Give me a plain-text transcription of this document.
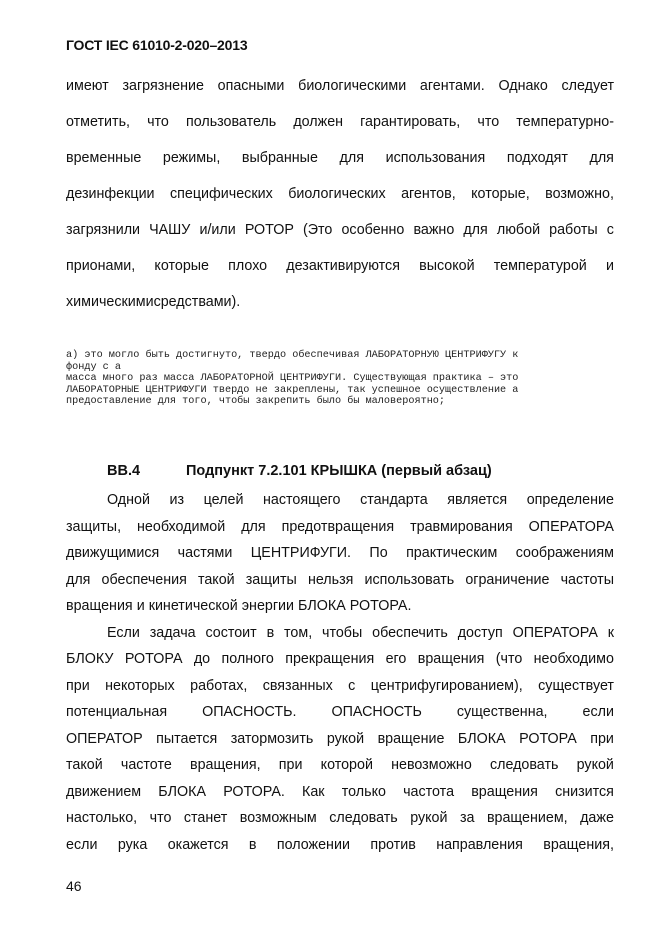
ГОСТ IEC 61010-2-020–2013
имеют загрязнение опасными биологическими агентами. Однако следует
отметить, что пользователь должен гарантировать, что температурно-
временные режимы, выбранные для использования подходят для
дезинфекции специфических биологических агентов, которые, возможно,
загрязнили ЧАШУ и/или РОТОР (Это особенно важно для любой работы с
прионами, которые плохо дезактивируются высокой температурой и
химическими средствами).
а) это могло быть достигнуто, твердо обеспечивая ЛАБОРАТОРНУЮ ЦЕНТРИФУГУ к
фонду с а
масса много раз масса ЛАБОРАТОРНОЙ ЦЕНТРИФУГИ. Существующая практика – это
ЛАБОРАТОРНЫЕ ЦЕНТРИФУГИ твердо не закреплены, так успешное осуществление а
предоставление для того, чтобы закрепить было бы маловероятно;
ВВ.4	Подпункт 7.2.101 КРЫШКА (первый абзац)
Одной из целей настоящего стандарта является определение
защиты, необходимой для предотвращения травмирования ОПЕРАТОРА
движущимися частями ЦЕНТРИФУГИ. По практическим соображениям
для обеспечения такой защиты нельзя использовать ограничение частоты
вращения и кинетической энергии БЛОКА РОТОРА.
Если задача состоит в том, чтобы обеспечить доступ ОПЕРАТОРА к
БЛОКУ РОТОРА до полного прекращения его вращения (что необходимо
при некоторых работах, связанных с центрифугированием), существует
потенциальная ОПАСНОСТЬ. ОПАСНОСТЬ существенна, если
ОПЕРАТОР пытается затормозить рукой вращение БЛОКА РОТОРА при
такой частоте вращения, при которой невозможно следовать рукой
движением БЛОКА РОТОРА. Как только частота вращения снизится
настолько, что станет возможным следовать рукой за вращением, даже
если рука окажется в положении против направления вращения,
46
